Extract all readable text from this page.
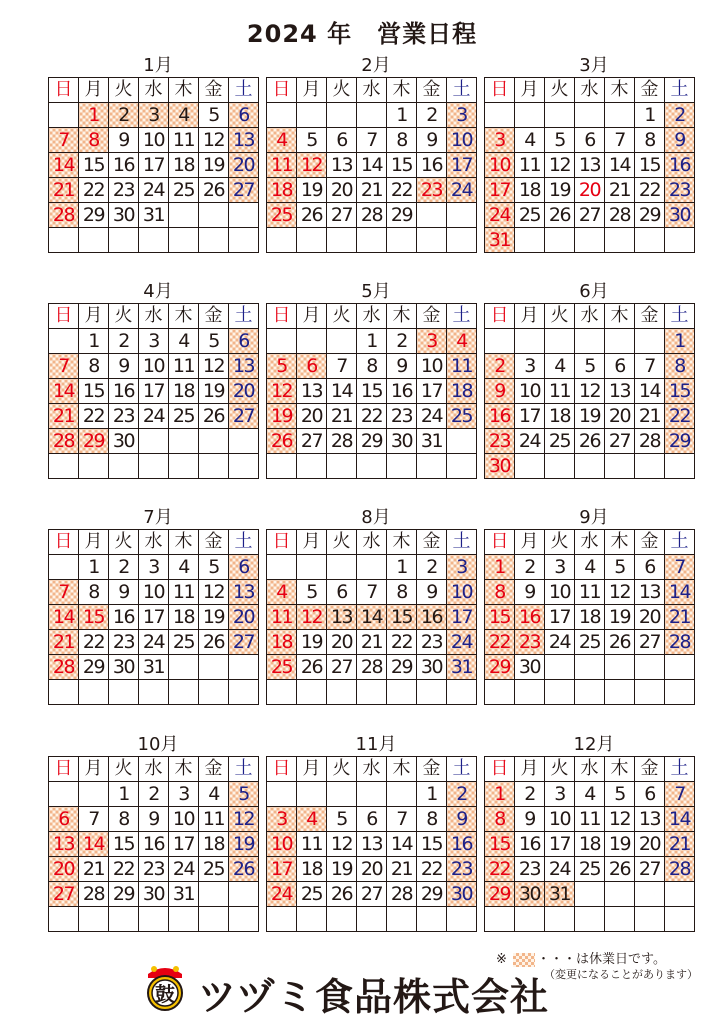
2024 年　営業日程
1月
日	月	火	水	木	金	土
	1	2	3	4	5	6
7	8	9	10	11	12	13
14	15	16	17	18	19	20
21	22	23	24	25	26	27
28	29	30	31			

2月
日	月	火	水	木	金	土
				1	2	3
4	5	6	7	8	9	10
11	12	13	14	15	16	17
18	19	20	21	22	23	24
25	26	27	28	29		

3月
日	月	火	水	木	金	土
					1	2
3	4	5	6	7	8	9
10	11	12	13	14	15	16
17	18	19	20	21	22	23
24	25	26	27	28	29	30
31						
4月
日	月	火	水	木	金	土
	1	2	3	4	5	6
7	8	9	10	11	12	13
14	15	16	17	18	19	20
21	22	23	24	25	26	27
28	29	30				

5月
日	月	火	水	木	金	土
			1	2	3	4
5	6	7	8	9	10	11
12	13	14	15	16	17	18
19	20	21	22	23	24	25
26	27	28	29	30	31	

6月
日	月	火	水	木	金	土
						1
2	3	4	5	6	7	8
9	10	11	12	13	14	15
16	17	18	19	20	21	22
23	24	25	26	27	28	29
30						
7月
日	月	火	水	木	金	土
	1	2	3	4	5	6
7	8	9	10	11	12	13
14	15	16	17	18	19	20
21	22	23	24	25	26	27
28	29	30	31			

8月
日	月	火	水	木	金	土
				1	2	3
4	5	6	7	8	9	10
11	12	13	14	15	16	17
18	19	20	21	22	23	24
25	26	27	28	29	30	31

9月
日	月	火	水	木	金	土
1	2	3	4	5	6	7
8	9	10	11	12	13	14
15	16	17	18	19	20	21
22	23	24	25	26	27	28
29	30					

10月
日	月	火	水	木	金	土
		1	2	3	4	5
6	7	8	9	10	11	12
13	14	15	16	17	18	19
20	21	22	23	24	25	26
27	28	29	30	31		

11月
日	月	火	水	木	金	土
					1	2
3	4	5	6	7	8	9
10	11	12	13	14	15	16
17	18	19	20	21	22	23
24	25	26	27	28	29	30

12月
日	月	火	水	木	金	土
1	2	3	4	5	6	7
8	9	10	11	12	13	14
15	16	17	18	19	20	21
22	23	24	25	26	27	28
29	30	31				

※ ・・・は休業日です。
（変更になることがあります）
鼓 ツヅミ食品株式会社
